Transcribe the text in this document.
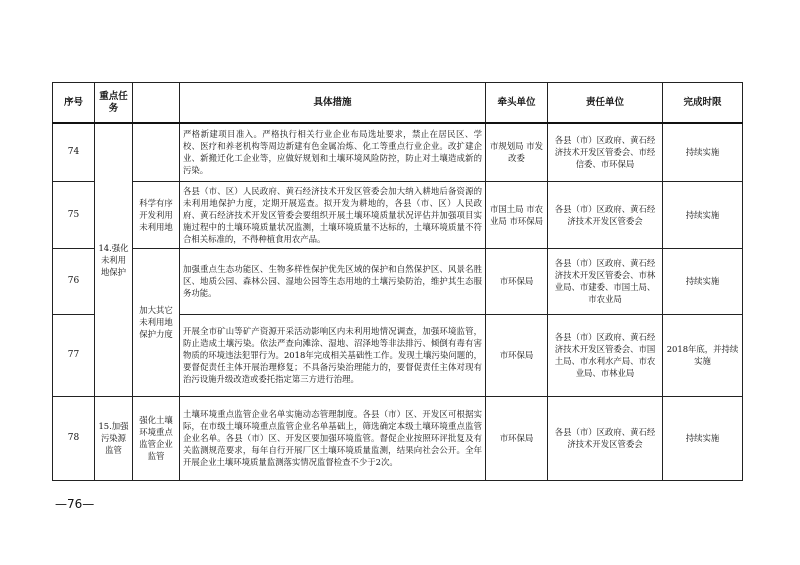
序号	重点任务		具体措施	牵头单位	责任单位	完成时限
74	14.强化未利用地保护		严格新建项目准入。严格执行相关行业企业布局选址要求，禁止在居民区、学校、医疗和养老机构等周边新建有色金属冶炼、化工等重点行业企业。改扩建企业、新搬迁化工企业等，应做好规划和土壤环境风险防控，防止对土壤造成新的污染。	市规划局 市发改委	各县（市）区政府、黄石经济技术开发区管委会、市经信委、市环保局	持续实施
75		科学有序开发利用未利用地	各县（市、区）人民政府、黄石经济技术开发区管委会加大纳入耕地后备资源的未利用地保护力度，定期开展巡查。拟开发为耕地的，各县（市、区）人民政府、黄石经济技术开发区管委会要组织开展土壤环境质量状况评估并加强项目实施过程中的土壤环境质量状况监测，土壤环境质量不达标的，土壤环境质量不符合相关标准的，不得种植食用农产品。	市国土局 市农业局 市环保局	各县（市）区政府、黄石经济技术开发区管委会	持续实施
76		加大其它未利用地保护力度	加强重点生态功能区、生物多样性保护优先区域的保护和自然保护区、风景名胜区、地质公园、森林公园、湿地公园等生态用地的土壤污染防治，维护其生态服务功能。	市环保局	各县（市）区政府、黄石经济技术开发区管委会、市林业局、市建委、市国土局、市农业局	持续实施
77			开展全市矿山等矿产资源开采活动影响区内未利用地情况调查，加强环境监管，防止造成土壤污染。依法严查向滩涂、湿地、沼泽地等非法排污、倾倒有毒有害物质的环境违法犯罪行为。2018年完成相关基础性工作。发现土壤污染问题的，要督促责任主体开展治理修复；不具备污染治理能力的，要督促责任主体对现有治污设施升级改造或委托指定第三方进行治理。	市环保局	各县（市）区政府、黄石经济技术开发区管委会、市国土局、市水利水产局、市农业局、市林业局	2018年底，并持续实施
78	15.加强污染源监管	强化土壤环境重点监管企业监管	土壤环境重点监管企业名单实施动态管理制度。各县（市）区、开发区可根据实际，在市级土壤环境重点监管企业名单基础上，筛选确定本级土壤环境重点监管企业名单。各县（市）区、开发区要加强环境监管。督促企业按照环评批复及有关监测规范要求，每年自行开展厂区土壤环境质量监测，结果向社会公开。全年开展企业土壤环境质量监测落实情况监督检查不少于2次。	市环保局	各县（市）区政府、黄石经济技术开发区管委会	持续实施
—76—
